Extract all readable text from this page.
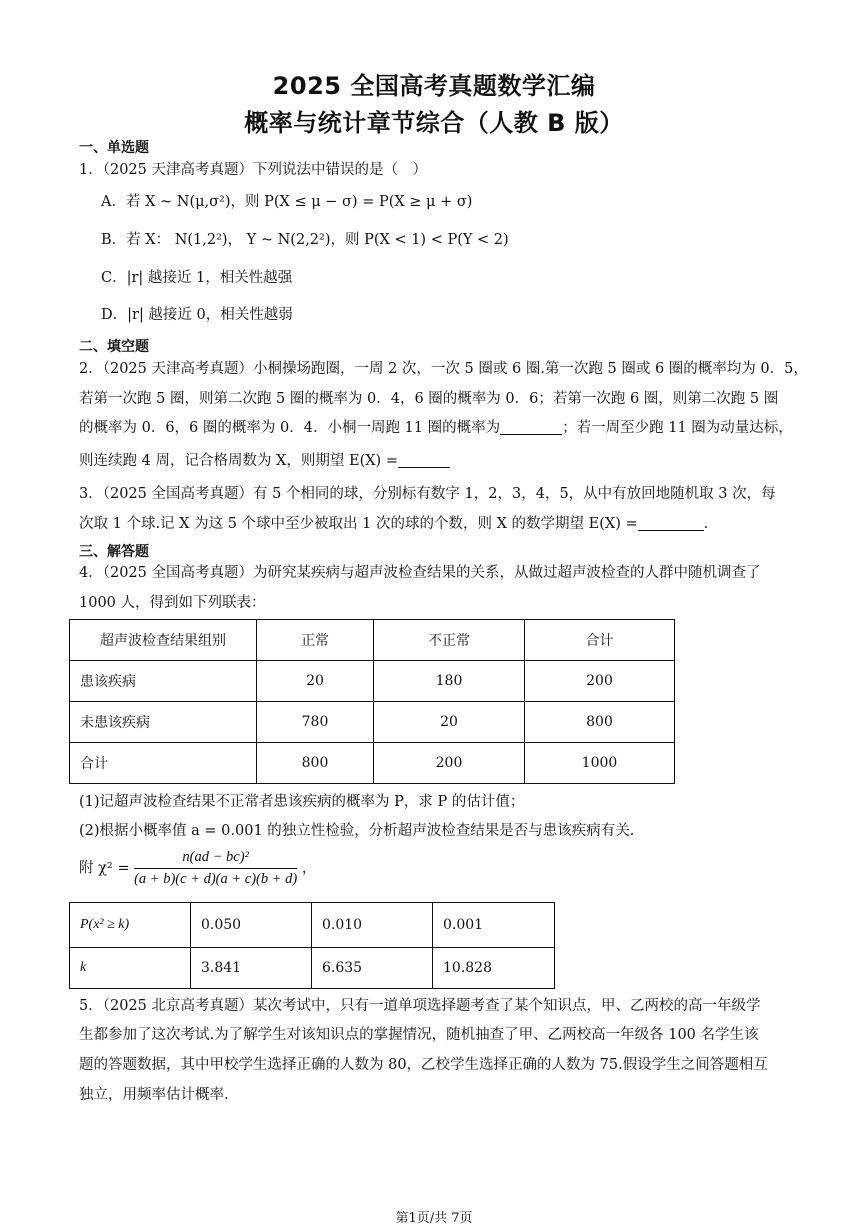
2025 全国高考真题数学汇编
概率与统计章节综合（人教 B 版）
一、单选题
1．（2025 天津高考真题）下列说法中错误的是（　）
A．若 X ~ N(μ,σ²)，则 P(X ≤ μ − σ) = P(X ≥ μ + σ)
B．若 X： N(1,2²)， Y ~ N(2,2²)，则 P(X < 1) < P(Y < 2)
C．|r| 越接近 1，相关性越强
D．|r| 越接近 0，相关性越弱
二、填空题
2．（2025 天津高考真题）小桐操场跑圈，一周 2 次，一次 5 圈或 6 圈.第一次跑 5 圈或 6 圈的概率均为 0．5，
若第一次跑 5 圈，则第二次跑 5 圈的概率为 0．4，6 圈的概率为 0．6；若第一次跑 6 圈，则第二次跑 5 圈
的概率为 0．6，6 圈的概率为 0．4．小桐一周跑 11 圈的概率为	；若一周至少跑 11 圈为动量达标，
则连续跑 4 周，记合格周数为 X，则期望 E(X) =
3．（2025 全国高考真题）有 5 个相同的球，分别标有数字 1，2，3，4，5，从中有放回地随机取 3 次，每
次取 1 个球.记 X 为这 5 个球中至少被取出 1 次的球的个数，则 X 的数学期望 E(X) =	.
三、解答题
4．（2025 全国高考真题）为研究某疾病与超声波检查结果的关系，从做过超声波检查的人群中随机调查了
1000 人，得到如下列联表：
超声波检查结果组别	正常	不正常	合计
患该疾病	20	180	200
未患该疾病	780	20	800
合计	800	200	1000
(1)记超声波检查结果不正常者患该疾病的概率为 P，求 P 的估计值；
(2)根据小概率值 a = 0.001 的独立性检验，分析超声波检查结果是否与患该疾病有关.
附 $\chi^2 = \frac{\text{n(ad − bc)²}}{(a + b)(c + d)(a + c)(b + d)}$ ，
P(x² ≥ k)	0.050	0.010	0.001
k	3.841	6.635	10.828
5．（2025 北京高考真题）某次考试中，只有一道单项选择题考查了某个知识点，甲、乙两校的高一年级学
生都参加了这次考试.为了解学生对该知识点的掌握情况，随机抽查了甲、乙两校高一年级各 100 名学生该
题的答题数据，其中甲校学生选择正确的人数为 80，乙校学生选择正确的人数为 75.假设学生之间答题相互
独立，用频率估计概率.
第1页/共 7页
